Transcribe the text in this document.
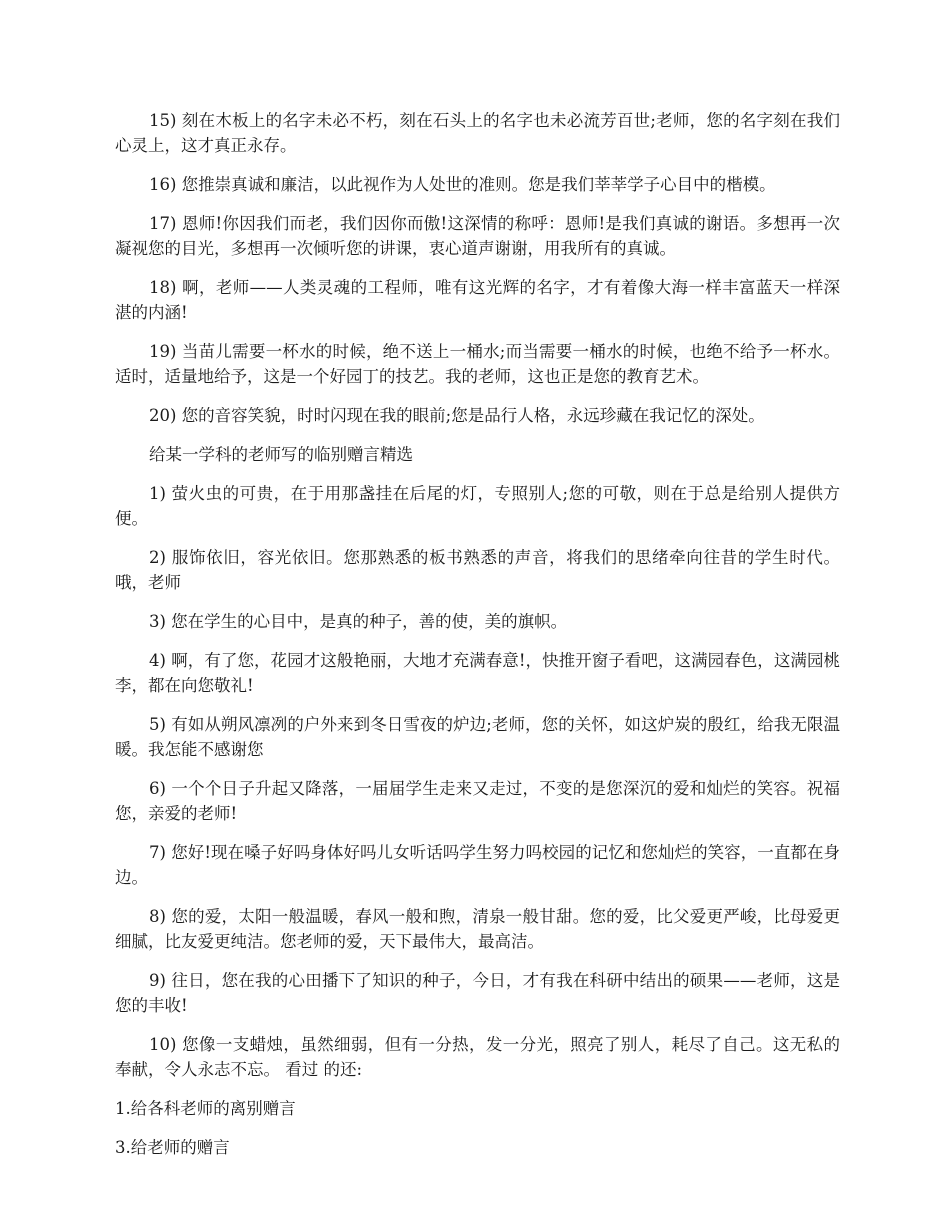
15) 刻在木板上的名字未必不朽，刻在石头上的名字也未必流芳百世;老师，您的名字刻在我们心灵上，这才真正永存。

16) 您推崇真诚和廉洁，以此视作为人处世的准则。您是我们莘莘学子心目中的楷模。

17) 恩师!你因我们而老，我们因你而傲!这深情的称呼：恩师!是我们真诚的谢语。多想再一次凝视您的目光，多想再一次倾听您的讲课，衷心道声谢谢，用我所有的真诚。

18) 啊，老师——人类灵魂的工程师，唯有这光辉的名字，才有着像大海一样丰富蓝天一样深湛的内涵!

19) 当苗儿需要一杯水的时候，绝不送上一桶水;而当需要一桶水的时候，也绝不给予一杯水。适时，适量地给予，这是一个好园丁的技艺。我的老师，这也正是您的教育艺术。

20) 您的音容笑貌，时时闪现在我的眼前;您是品行人格，永远珍藏在我记忆的深处。

给某一学科的老师写的临别赠言精选

1) 萤火虫的可贵，在于用那盏挂在后尾的灯，专照别人;您的可敬，则在于总是给别人提供方便。

2) 服饰依旧，容光依旧。您那熟悉的板书熟悉的声音，将我们的思绪牵向往昔的学生时代。哦，老师

3) 您在学生的心目中，是真的种子，善的使，美的旗帜。

4) 啊，有了您，花园才这般艳丽，大地才充满春意!，快推开窗子看吧，这满园春色，这满园桃李，都在向您敬礼!

5) 有如从朔风凛冽的户外来到冬日雪夜的炉边;老师，您的关怀，如这炉炭的殷红，给我无限温暖。我怎能不感谢您

6) 一个个日子升起又降落，一届届学生走来又走过，不变的是您深沉的爱和灿烂的笑容。祝福您，亲爱的老师!

7) 您好!现在嗓子好吗身体好吗儿女听话吗学生努力吗校园的记忆和您灿烂的笑容，一直都在身边。

8) 您的爱，太阳一般温暖，春风一般和煦，清泉一般甘甜。您的爱，比父爱更严峻，比母爱更细腻，比友爱更纯洁。您老师的爱，天下最伟大，最高洁。

9) 往日，您在我的心田播下了知识的种子，今日，才有我在科研中结出的硕果——老师，这是您的丰收!

10) 您像一支蜡烛，虽然细弱，但有一分热，发一分光，照亮了别人，耗尽了自己。这无私的奉献，令人永志不忘。 看过 的还:

1.给各科老师的离别赠言

3.给老师的赠言
